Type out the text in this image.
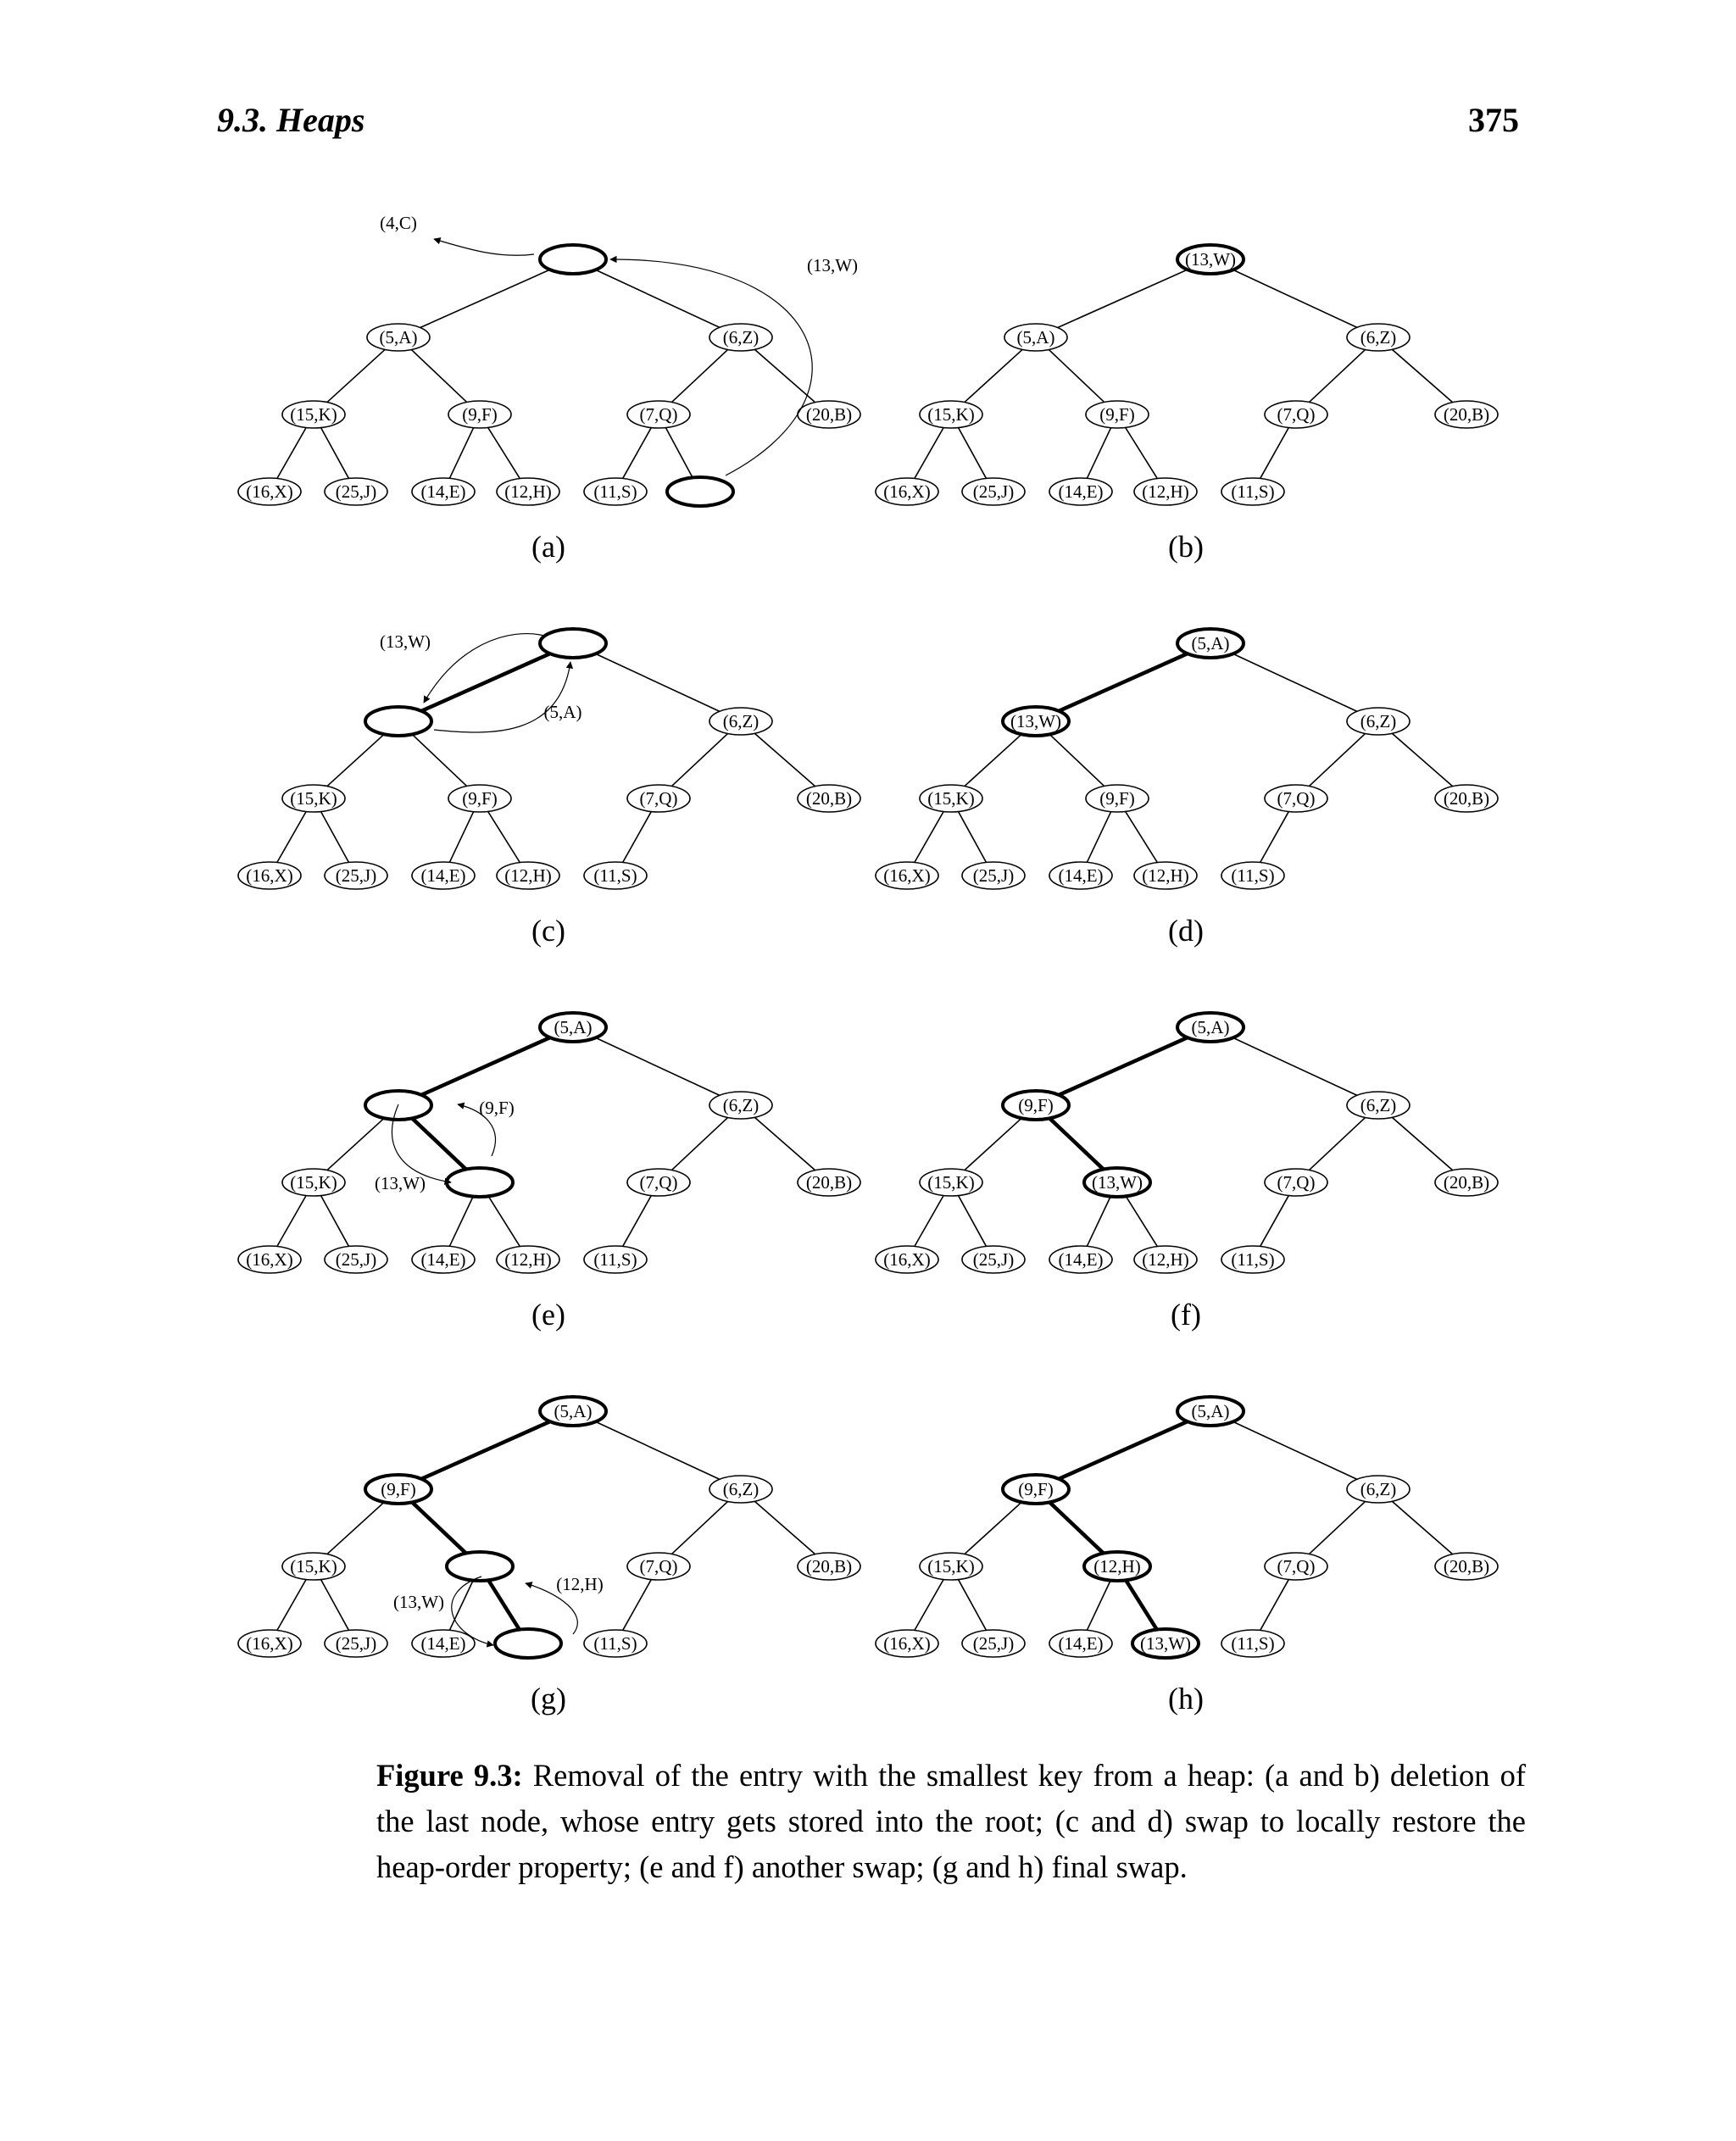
9.3. Heaps	375
(5,A)	(6,Z)
(15,K)	(9,F)	(7,Q)	(20,B)
(16,X) (25,J) (14,E) (12,H) (11,S)
(4,C)
(13,W)
(a)
(13,W)
(5,A)	(6,Z)
(15,K)	(9,F)	(7,Q)	(20,B)
(16,X) (25,J) (14,E) (12,H) (11,S)
(b)
(6,Z)
(15,K)	(9,F)	(7,Q)	(20,B)
(16,X) (25,J) (14,E) (12,H) (11,S)
(13,W)
(5,A)
(c)
(5,A)
(13,W)	(6,Z)
(15,K)	(9,F)	(7,Q)	(20,B)
(16,X) (25,J) (14,E) (12,H) (11,S)
(d)
(5,A)
(6,Z)
(15,K)	(7,Q)	(20,B)
(16,X) (25,J) (14,E) (12,H) (11,S)
(9,F)
(13,W)
(e)
(5,A)
(9,F)	(6,Z)
(15,K)	(13,W)	(7,Q)	(20,B)
(16,X) (25,J) (14,E) (12,H) (11,S)
(f)
(5,A)
(9,F)	(6,Z)
(15,K)	(7,Q)	(20,B)
(16,X) (25,J) (14,E)	(11,S)
(12,H)
(13,W)
(g)
(5,A)
(9,F)	(6,Z)
(15,K)	(12,H)	(7,Q)	(20,B)
(16,X) (25,J) (14,E) (13,W) (11,S)
(h)
Figure 9.3: Removal of the entry with the smallest key from a heap: (a and b) deletion of the last node, whose entry gets stored into the root; (c and d) swap to locally restore the heap-order property; (e and f) another swap; (g and h) final swap.
